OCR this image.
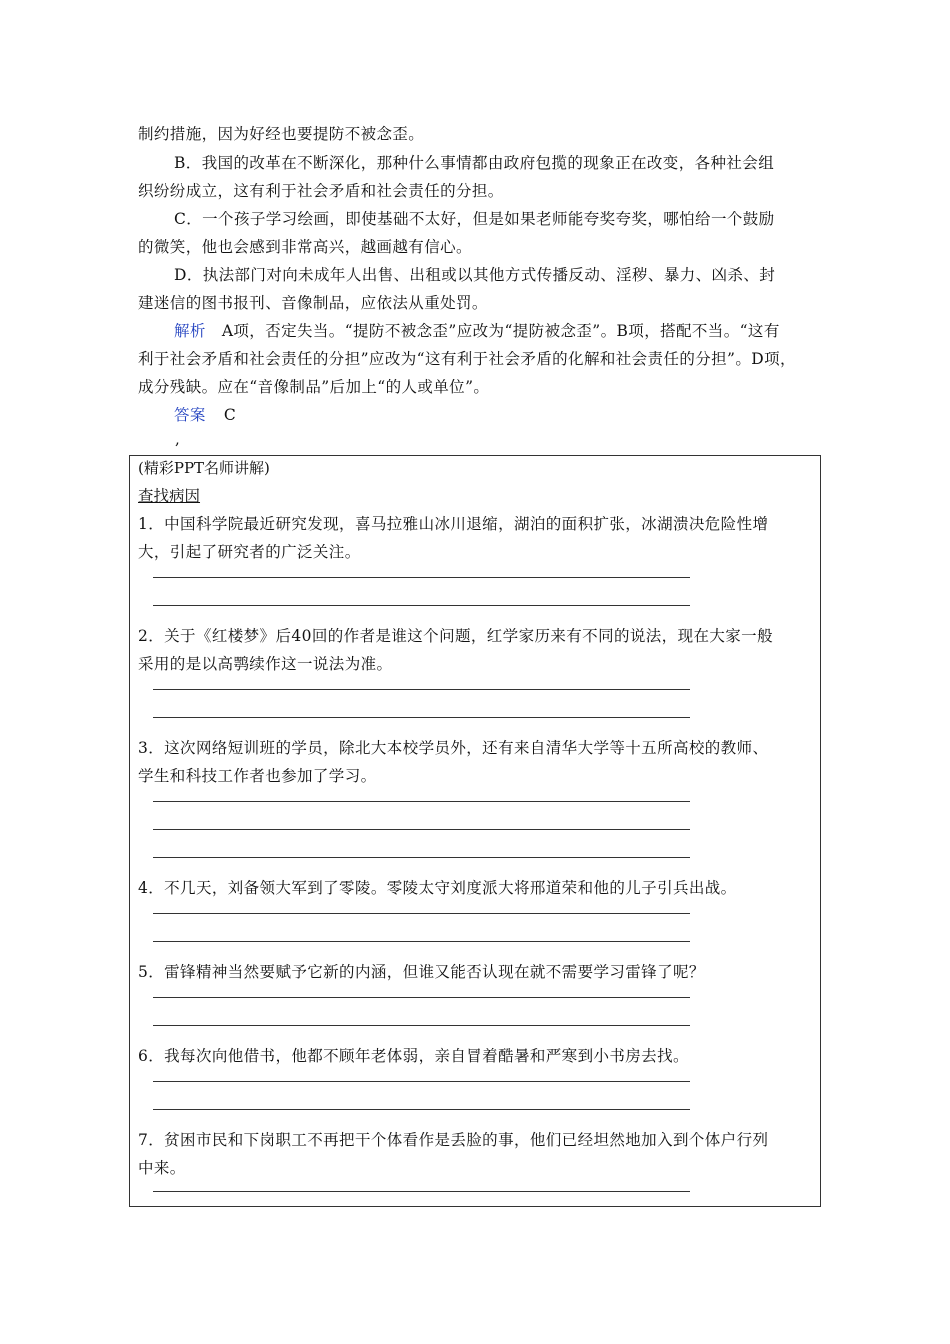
制约措施，因为好经也要提防不被念歪。
B．我国的改革在不断深化，那种什么事情都由政府包揽的现象正在改变，各种社会组
织纷纷成立，这有利于社会矛盾和社会责任的分担。
C．一个孩子学习绘画，即使基础不太好，但是如果老师能夸奖夸奖，哪怕给一个鼓励
的微笑，他也会感到非常高兴，越画越有信心。
D．执法部门对向未成年人出售、出租或以其他方式传播反动、淫秽、暴力、凶杀、封
建迷信的图书报刊、音像制品，应依法从重处罚。
解析 A项，否定失当。“提防不被念歪”应改为“提防被念歪”。B项，搭配不当。“这有
利于社会矛盾和社会责任的分担”应改为“这有利于社会矛盾的化解和社会责任的分担”。D项，
成分残缺。应在“音像制品”后加上“的人或单位”。
答案 C
,
(精彩PPT名师讲解)
查找病因
1．中国科学院最近研究发现，喜马拉雅山冰川退缩，湖泊的面积扩张，冰湖溃决危险性增
大，引起了研究者的广泛关注。
2．关于《红楼梦》后40回的作者是谁这个问题，红学家历来有不同的说法，现在大家一般
采用的是以高鹗续作这一说法为准。
3．这次网络短训班的学员，除北大本校学员外，还有来自清华大学等十五所高校的教师、
学生和科技工作者也参加了学习。
4．不几天，刘备领大军到了零陵。零陵太守刘度派大将邢道荣和他的儿子引兵出战。
5．雷锋精神当然要赋予它新的内涵，但谁又能否认现在就不需要学习雷锋了呢？
6．我每次向他借书，他都不顾年老体弱，亲自冒着酷暑和严寒到小书房去找。
7．贫困市民和下岗职工不再把干个体看作是丢脸的事，他们已经坦然地加入到个体户行列
中来。
